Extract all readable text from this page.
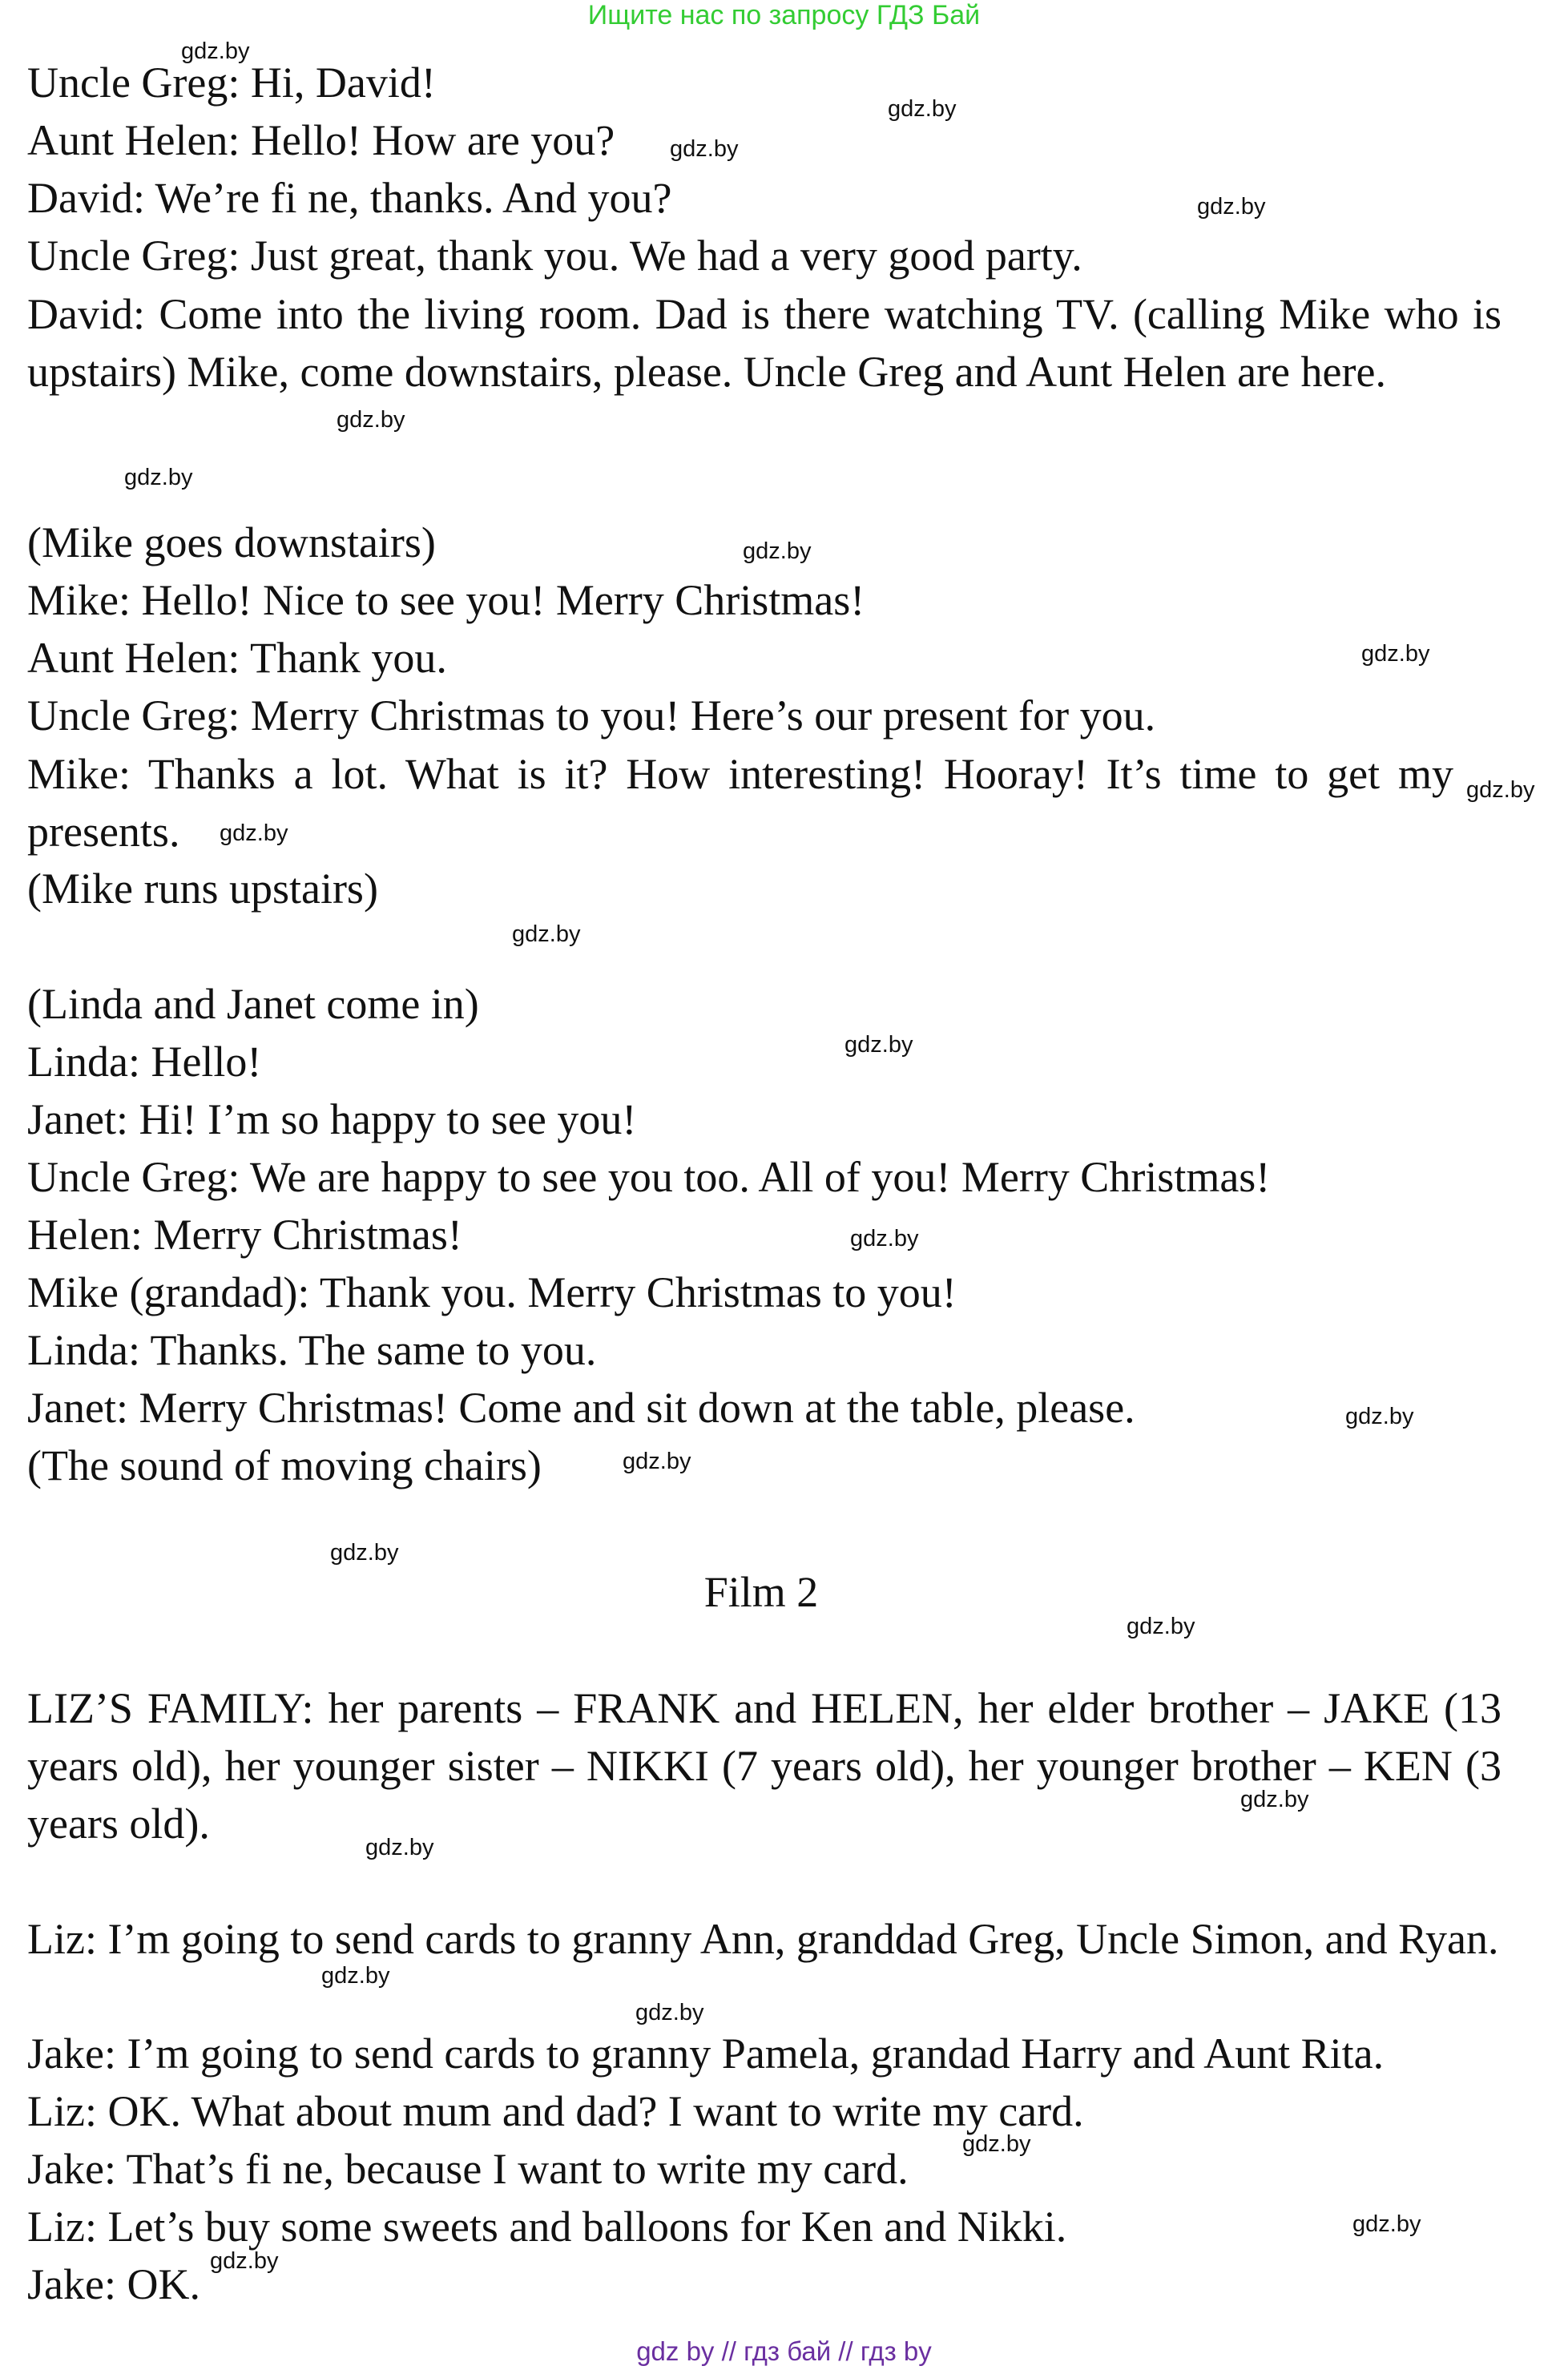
Ищите нас по запросу ГДЗ Бай
Uncle Greg: Hi, David!
Aunt Helen: Hello! How are you?
David: We’re fi ne, thanks. And you?
Uncle Greg: Just great, thank you. We had a very good party.
David: Come into the living room. Dad is there watching TV. (calling Mike who is upstairs) Mike, come downstairs, please. Uncle Greg and Aunt Helen are here.
(Mike goes downstairs)
Mike: Hello! Nice to see you! Merry Christmas!
Aunt Helen: Thank you.
Uncle Greg: Merry Christmas to you! Here’s our present for you.
Mike: Thanks a lot. What is it? How interesting! Hooray! It’s time to get my presents.
(Mike runs upstairs)
(Linda and Janet come in)
Linda: Hello!
Janet: Hi! I’m so happy to see you!
Uncle Greg: We are happy to see you too. All of you! Merry Christmas!
Helen: Merry Christmas!
Mike (grandad): Thank you. Merry Christmas to you!
Linda: Thanks. The same to you.
Janet: Merry Christmas! Come and sit down at the table, please.
(The sound of moving chairs)
Film 2
LIZ’S FAMILY: her parents – FRANK and HELEN, her elder brother – JAKE (13 years old), her younger sister – NIKKI (7 years old), her younger brother – KEN (3 years old).
Liz: I’m going to send cards to granny Ann, granddad Greg, Uncle Simon, and Ryan.
Jake: I’m going to send cards to granny Pamela, grandad Harry and Aunt Rita.
Liz: OK. What about mum and dad? I want to write my card.
Jake: That’s fi ne, because I want to write my card.
Liz: Let’s buy some sweets and balloons for Ken and Nikki.
Jake: OK.
gdz.by
gdz.by
gdz.by
gdz.by
gdz.by
gdz.by
gdz.by
gdz.by
gdz.by
gdz.by
gdz.by
gdz.by
gdz.by
gdz.by
gdz.by
gdz.by
gdz.by
gdz.by
gdz.by
gdz.by
gdz.by
gdz.by
gdz.by
gdz.by
gdz by // гдз бай // гдз by
